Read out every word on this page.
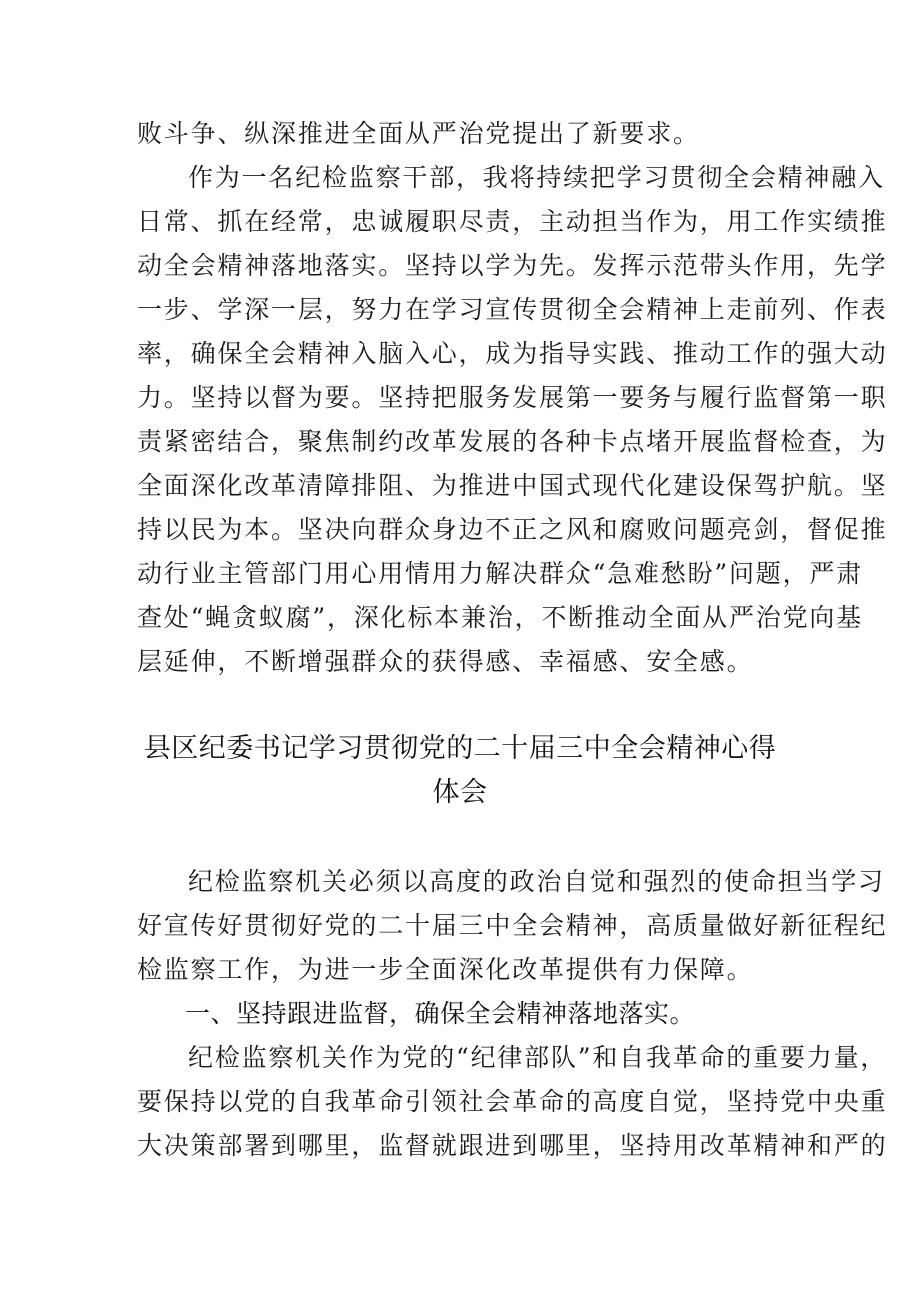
败斗争、纵深推进全面从严治党提出了新要求。
作为一名纪检监察干部，我将持续把学习贯彻全会精神融入
日常、抓在经常，忠诚履职尽责，主动担当作为，用工作实绩推
动全会精神落地落实。坚持以学为先。发挥示范带头作用，先学
一步、学深一层，努力在学习宣传贯彻全会精神上走前列、作表
率，确保全会精神入脑入心，成为指导实践、推动工作的强大动
力。坚持以督为要。坚持把服务发展第一要务与履行监督第一职
责紧密结合，聚焦制约改革发展的各种卡点堵开展监督检查，为
全面深化改革清障排阻、为推进中国式现代化建设保驾护航。坚
持以民为本。坚决向群众身边不正之风和腐败问题亮剑，督促推
动行业主管部门用心用情用力解决群众“急难愁盼”问题，严肃
查处“蝇贪蚁腐”，深化标本兼治，不断推动全面从严治党向基
层延伸，不断增强群众的获得感、幸福感、安全感。
县区纪委书记学习贯彻党的二十届三中全会精神心得
体会
纪检监察机关必须以高度的政治自觉和强烈的使命担当学习
好宣传好贯彻好党的二十届三中全会精神，高质量做好新征程纪
检监察工作，为进一步全面深化改革提供有力保障。
一、坚持跟进监督，确保全会精神落地落实。
纪检监察机关作为党的“纪律部队”和自我革命的重要力量，
要保持以党的自我革命引领社会革命的高度自觉，坚持党中央重
大决策部署到哪里，监督就跟进到哪里，坚持用改革精神和严的
